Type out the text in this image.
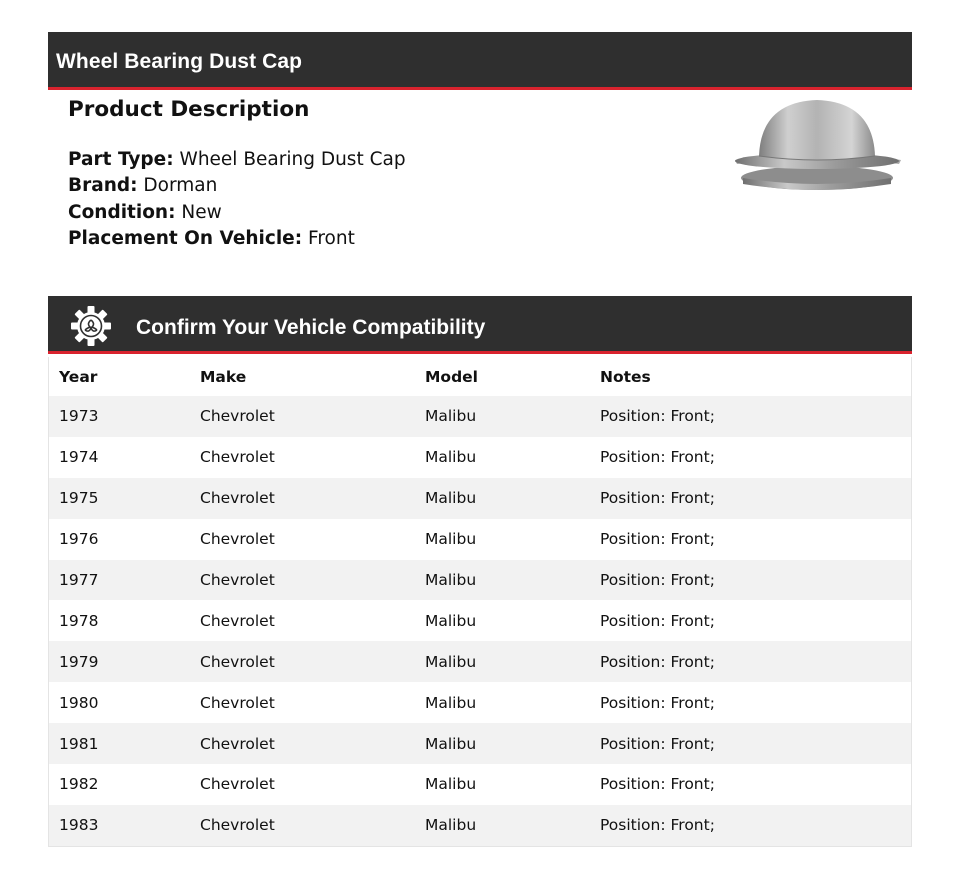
Wheel Bearing Dust Cap
Product Description
Part Type: Wheel Bearing Dust Cap
Brand: Dorman
Condition: New
Placement On Vehicle: Front
Confirm Your Vehicle Compatibility
Year	Make	Model	Notes
1973	Chevrolet	Malibu	Position: Front;
1974	Chevrolet	Malibu	Position: Front;
1975	Chevrolet	Malibu	Position: Front;
1976	Chevrolet	Malibu	Position: Front;
1977	Chevrolet	Malibu	Position: Front;
1978	Chevrolet	Malibu	Position: Front;
1979	Chevrolet	Malibu	Position: Front;
1980	Chevrolet	Malibu	Position: Front;
1981	Chevrolet	Malibu	Position: Front;
1982	Chevrolet	Malibu	Position: Front;
1983	Chevrolet	Malibu	Position: Front;
